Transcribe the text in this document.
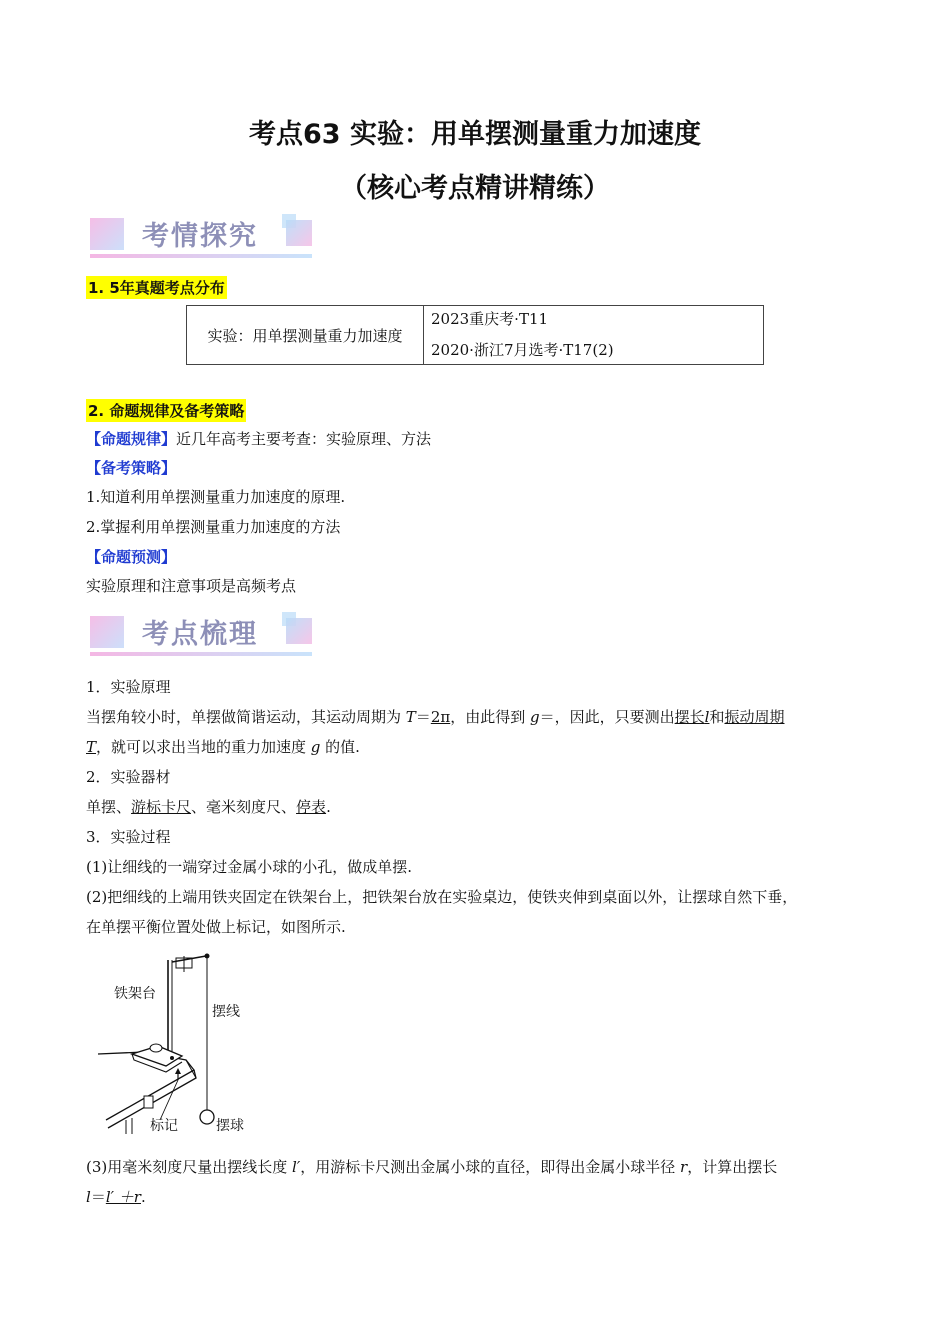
考点63 实验：用单摆测量重力加速度
（核心考点精讲精练）
考情探究
1. 5年真题考点分布
实验：用单摆测量重力加速度
2023重庆考·T11
2020·浙江7月选考·T17(2)
2. 命题规律及备考策略
【命题规律】近几年高考主要考查：实验原理、方法
【备考策略】
1.知道利用单摆测量重力加速度的原理.
2.掌握利用单摆测量重力加速度的方法
【命题预测】
实验原理和注意事项是高频考点
考点梳理
1．实验原理
当摆角较小时，单摆做简谐运动，其运动周期为 T＝2π，由此得到 g＝，因此，只要测出摆长l和振动周期
T，就可以求出当地的重力加速度 g 的值.
2．实验器材
单摆、游标卡尺、毫米刻度尺、停表.
3．实验过程
(1)让细线的一端穿过金属小球的小孔，做成单摆.
(2)把细线的上端用铁夹固定在铁架台上，把铁架台放在实验桌边，使铁夹伸到桌面以外，让摆球自然下垂，
在单摆平衡位置处做上标记，如图所示.
铁架台
摆线
标记	摆球
(3)用毫米刻度尺量出摆线长度 l′，用游标卡尺测出金属小球的直径，即得出金属小球半径 r，计算出摆长
l＝l′ ＋r.
